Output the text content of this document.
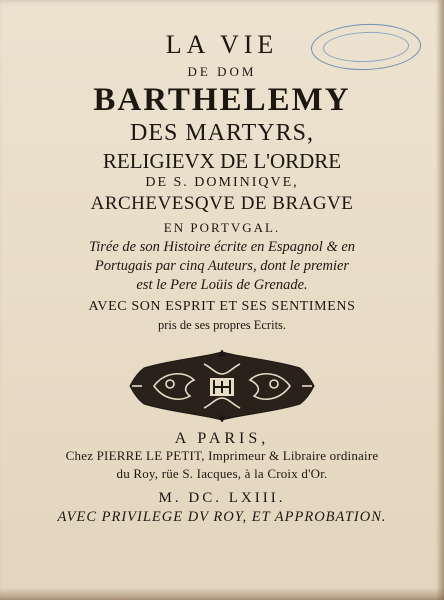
LA VIE
DE DOM
BARTHELEMY
DES MARTYRS,
RELIGIEVX DE L'ORDRE
DE S. DOMINIQVE,
ARCHEVESQVE DE BRAGVE
EN PORTVGAL.
Tirée de son Histoire écrite en Espagnol & en
Portugais par cinq Auteurs, dont le premier
est le Pere Loüis de Grenade.
AVEC SON ESPRIT ET SES SENTIMENS
pris de ses propres Ecrits.
A PARIS,
Chez PIERRE LE PETIT, Imprimeur & Libraire ordinaire
du Roy, rüe S. Iacques, à la Croix d'Or.
M. DC. LXIII.
AVEC PRIVILEGE DV ROY, ET APPROBATION.
